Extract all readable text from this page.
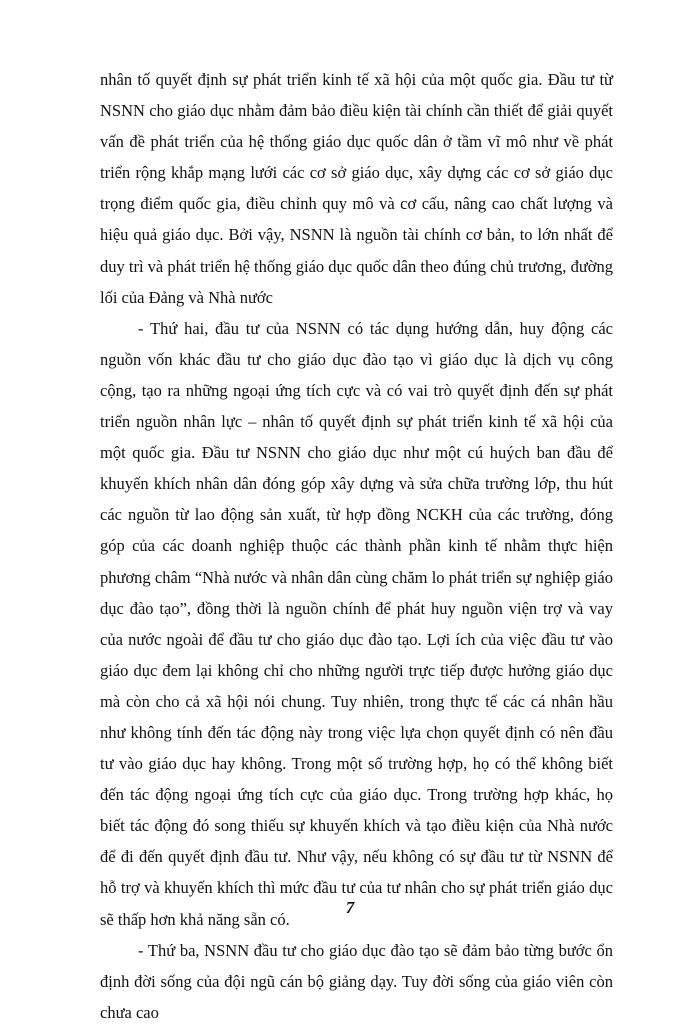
nhân tố quyết định sự phát triển kinh tế xã hội của một quốc gia. Đầu tư từ NSNN cho giáo dục nhằm đảm bảo điều kiện tài chính cần thiết để giải quyết vấn đề phát triển của hệ thống giáo dục quốc dân ở tầm vĩ mô như về phát triển rộng khắp mạng lưới các cơ sở giáo dục, xây dựng các cơ sở giáo dục trọng điểm quốc gia, điều chỉnh quy mô và cơ cấu, nâng cao chất lượng và hiệu quả giáo dục. Bởi vậy, NSNN là nguồn tài chính cơ bản, to lớn nhất để duy trì và phát triển hệ thống giáo dục quốc dân theo đúng chủ trương, đường lối của Đảng và Nhà nước

- Thứ hai, đầu tư của NSNN có tác dụng hướng dẫn, huy động các nguồn vốn khác đầu tư cho giáo dục đào tạo vì giáo dục là dịch vụ công cộng, tạo ra những ngoại ứng tích cực và có vai trò quyết định đến sự phát triển nguồn nhân lực – nhân tố quyết định sự phát triển kinh tế xã hội của một quốc gia. Đầu tư NSNN cho giáo dục như một cú huých ban đầu để khuyến khích nhân dân đóng góp xây dựng và sửa chữa trường lớp, thu hút các nguồn từ lao động sản xuất, từ hợp đồng NCKH của các trường, đóng góp của các doanh nghiệp thuộc các thành phần kinh tế nhằm thực hiện phương châm “Nhà nước và nhân dân cùng chăm lo phát triển sự nghiệp giáo dục đào tạo”, đồng thời là nguồn chính để phát huy nguồn viện trợ và vay của nước ngoài để đầu tư cho giáo dục đào tạo. Lợi ích của việc đầu tư vào giáo dục đem lại không chỉ cho những người trực tiếp được hưởng giáo dục mà còn cho cả xã hội nói chung. Tuy nhiên, trong thực tế các cá nhân hầu như không tính đến tác động này trong việc lựa chọn quyết định có nên đầu tư vào giáo dục hay không. Trong một số trường hợp, họ có thể không biết đến tác động ngoại ứng tích cực của giáo dục. Trong trường hợp khác, họ biết tác động đó song thiếu sự khuyến khích và tạo điều kiện của Nhà nước để đi đến quyết định đầu tư. Như vậy, nếu không có sự đầu tư từ NSNN để hỗ trợ và khuyến khích thì mức đầu tư của tư nhân cho sự phát triển giáo dục sẽ thấp hơn khả năng sẵn có.

- Thứ ba, NSNN đầu tư cho giáo dục đào tạo sẽ đảm bảo từng bước ổn định đời sống của đội ngũ cán bộ giảng dạy. Tuy đời sống của giáo viên còn chưa cao

7
